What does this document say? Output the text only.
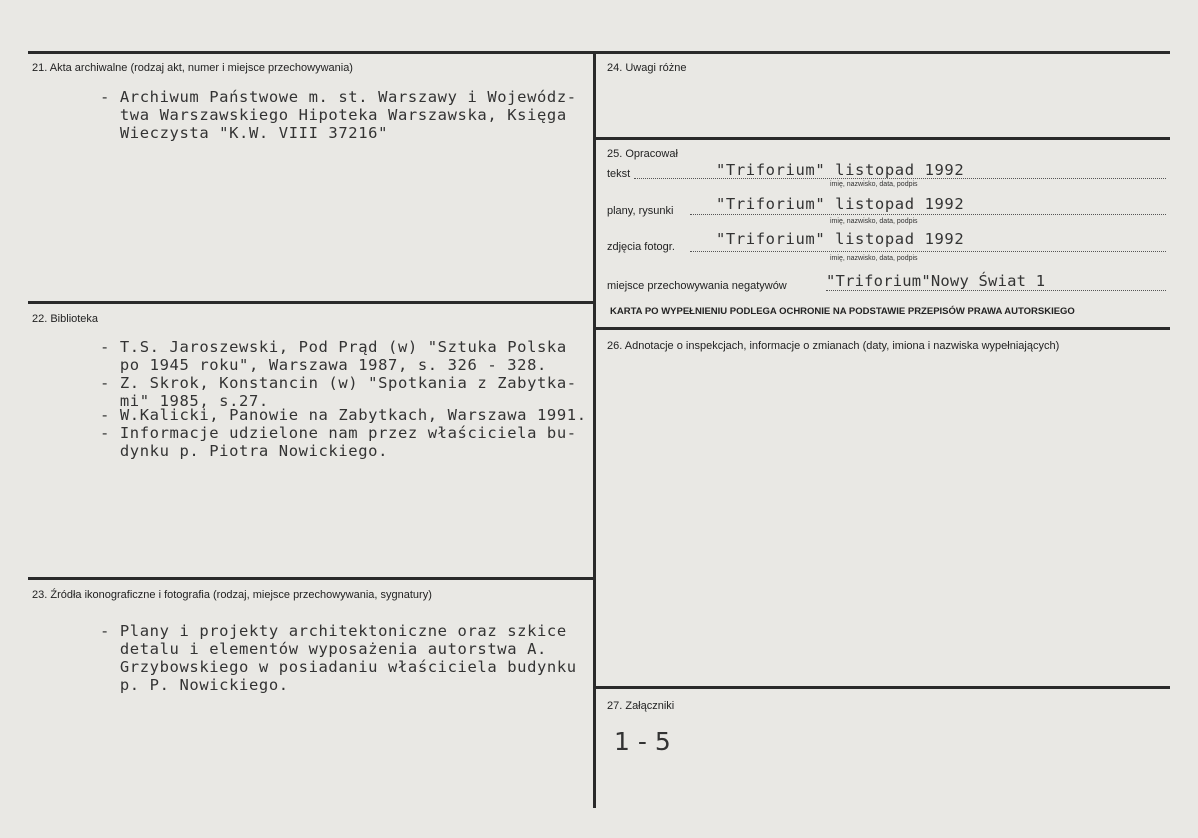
21. Akta archiwalne (rodzaj akt, numer i miejsce przechowywania)
- Archiwum Państwowe m. st. Warszawy i Wojewódz-
twa Warszawskiego Hipoteka Warszawska, Księga
Wieczysta "K.W. VIII 37216"
22. Biblioteka
- T.S. Jaroszewski, Pod Prąd (w) "Sztuka Polska
po 1945 roku", Warszawa 1987, s. 326 - 328.
- Z. Skrok, Konstancin (w) "Spotkania z Zabytka-
mi" 1985, s.27.
- W.Kalicki, Panowie na Zabytkach, Warszawa 1991.
- Informacje udzielone nam przez właściciela bu-
dynku p. Piotra Nowickiego.
23. Źródła ikonograficzne i fotografia (rodzaj, miejsce przechowywania, sygnatury)
- Plany i projekty architektoniczne oraz szkice
detalu i elementów wyposażenia autorstwa A.
Grzybowskiego w posiadaniu właściciela budynku
p. P. Nowickiego.
24. Uwagi różne
25. Opracował
tekst	"Triforium" listopad 1992
imię, nazwisko, data, podpis
plany, rysunki	"Triforium" listopad 1992
imię, nazwisko, data, podpis
zdjęcia fotogr.	"Triforium" listopad 1992
imię, nazwisko, data, podpis
miejsce przechowywania negatywów	"Triforium"Nowy Świat 1
KARTA PO WYPEŁNIENIU PODLEGA OCHRONIE NA PODSTAWIE PRZEPISÓW PRAWA AUTORSKIEGO
26. Adnotacje o inspekcjach, informacje o zmianach (daty, imiona i nazwiska wypełniających)
27. Załączniki
1 - 5
